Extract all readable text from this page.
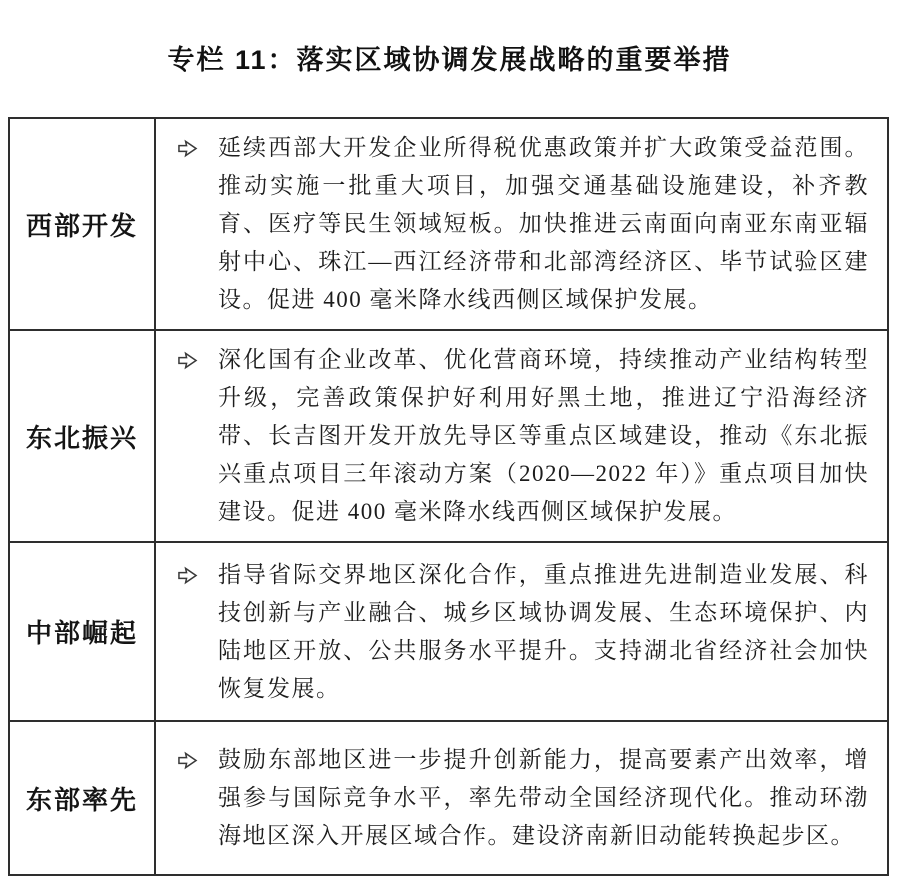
专栏 11：落实区域协调发展战略的重要举措
西部开发

延续西部大开发企业所得税优惠政策并扩大政策受益范围。推动实施一批重大项目，加强交通基础设施建设，补齐教育、医疗等民生领域短板。加快推进云南面向南亚东南亚辐射中心、珠江—西江经济带和北部湾经济区、毕节试验区建设。促进 400 毫米降水线西侧区域保护发展。

东北振兴

深化国有企业改革、优化营商环境，持续推动产业结构转型升级，完善政策保护好利用好黑土地，推进辽宁沿海经济带、长吉图开发开放先导区等重点区域建设，推动《东北振兴重点项目三年滚动方案（2020—2022 年）》重点项目加快建设。促进 400 毫米降水线西侧区域保护发展。

中部崛起

指导省际交界地区深化合作，重点推进先进制造业发展、科技创新与产业融合、城乡区域协调发展、生态环境保护、内陆地区开放、公共服务水平提升。支持湖北省经济社会加快恢复发展。

东部率先

鼓励东部地区进一步提升创新能力，提高要素产出效率，增强参与国际竞争水平，率先带动全国经济现代化。推动环渤海地区深入开展区域合作。建设济南新旧动能转换起步区。
